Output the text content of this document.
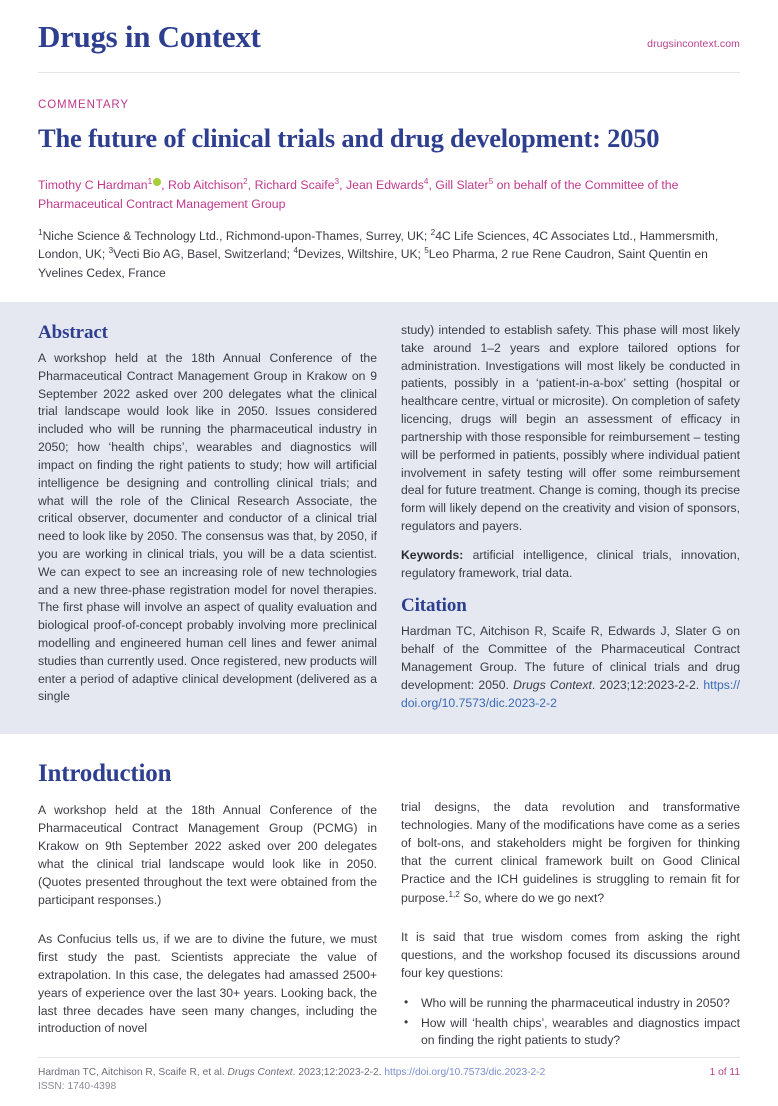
Drugs in Context	drugsincontext.com
COMMENTARY
The future of clinical trials and drug development: 2050
Timothy C Hardman$^1$ , Rob Aitchison$^2$, Richard Scaife$^3$, Jean Edwards$^4$, Gill Slater$^5$ on behalf of the Committee of the Pharmaceutical Contract Management Group
$^1$Niche Science & Technology Ltd., Richmond-upon-Thames, Surrey, UK; $^2$4C Life Sciences, 4C Associates Ltd., Hammersmith, London, UK; $^3$Vecti Bio AG, Basel, Switzerland; $^4$Devizes, Wiltshire, UK; $^5$Leo Pharma, 2 rue Rene Caudron, Saint Quentin en Yvelines Cedex, France
Abstract

A workshop held at the 18th Annual Conference of the Pharmaceutical Contract Management Group in Krakow on 9 September 2022 asked over 200 delegates what the clinical trial landscape would look like in 2050. Issues considered included who will be running the pharmaceutical industry in 2050; how ‘health chips’, wearables and diagnostics will impact on finding the right patients to study; how will artificial intelligence be designing and controlling clinical trials; and what will the role of the Clinical Research Associate, the critical observer, documenter and conductor of a clinical trial need to look like by 2050. The consensus was that, by 2050, if you are working in clinical trials, you will be a data scientist. We can expect to see an increasing role of new technologies and a new three-phase registration model for novel therapies. The first phase will involve an aspect of quality evaluation and biological proof-of-concept probably involving more preclinical modelling and engineered human cell lines and fewer animal studies than currently used. Once registered, new products will enter a period of adaptive clinical development (delivered as a single

study) intended to establish safety. This phase will most likely take around 1–2 years and explore tailored options for administration. Investigations will most likely be conducted in patients, possibly in a ‘patient-in-a-box’ setting (hospital or healthcare centre, virtual or microsite). On completion of safety licencing, drugs will begin an assessment of efficacy in partnership with those responsible for reimbursement – testing will be performed in patients, possibly where individual patient involvement in safety testing will offer some reimbursement deal for future treatment. Change is coming, though its precise form will likely depend on the creativity and vision of sponsors, regulators and payers.

Keywords: artificial intelligence, clinical trials, innovation, regulatory framework, trial data.

Citation

Hardman TC, Aitchison R, Scaife R, Edwards J, Slater G on behalf of the Committee of the Pharmaceutical Contract Management Group. The future of clinical trials and drug development: 2050. Drugs Context. 2023;12:2023-2-2. https://doi.org/10.7573/dic.2023-2-2

Introduction

A workshop held at the 18th Annual Conference of the Pharmaceutical Contract Management Group (PCMG) in Krakow on 9th September 2022 asked over 200 delegates what the clinical trial landscape would look like in 2050. (Quotes presented throughout the text were obtained from the participant responses.)

As Confucius tells us, if we are to divine the future, we must first study the past. Scientists appreciate the value of extrapolation. In this case, the delegates had amassed 2500+ years of experience over the last 30+ years. Looking back, the last three decades have seen many changes, including the introduction of novel

trial designs, the data revolution and transformative technologies. Many of the modifications have come as a series of bolt-ons, and stakeholders might be forgiven for thinking that the current clinical framework built on Good Clinical Practice and the ICH guidelines is struggling to remain fit for purpose.$^{1,2}$ So, where do we go next?

It is said that true wisdom comes from asking the right questions, and the workshop focused its discussions around four key questions:

• Who will be running the pharmaceutical industry in 2050?
• How will ‘health chips’, wearables and diagnostics impact on finding the right patients to study?
Hardman TC, Aitchison R, Scaife R, et al. Drugs Context. 2023;12:2023-2-2. https://doi.org/10.7573/dic.2023-2-2	1 of 11
ISSN: 1740-4398
